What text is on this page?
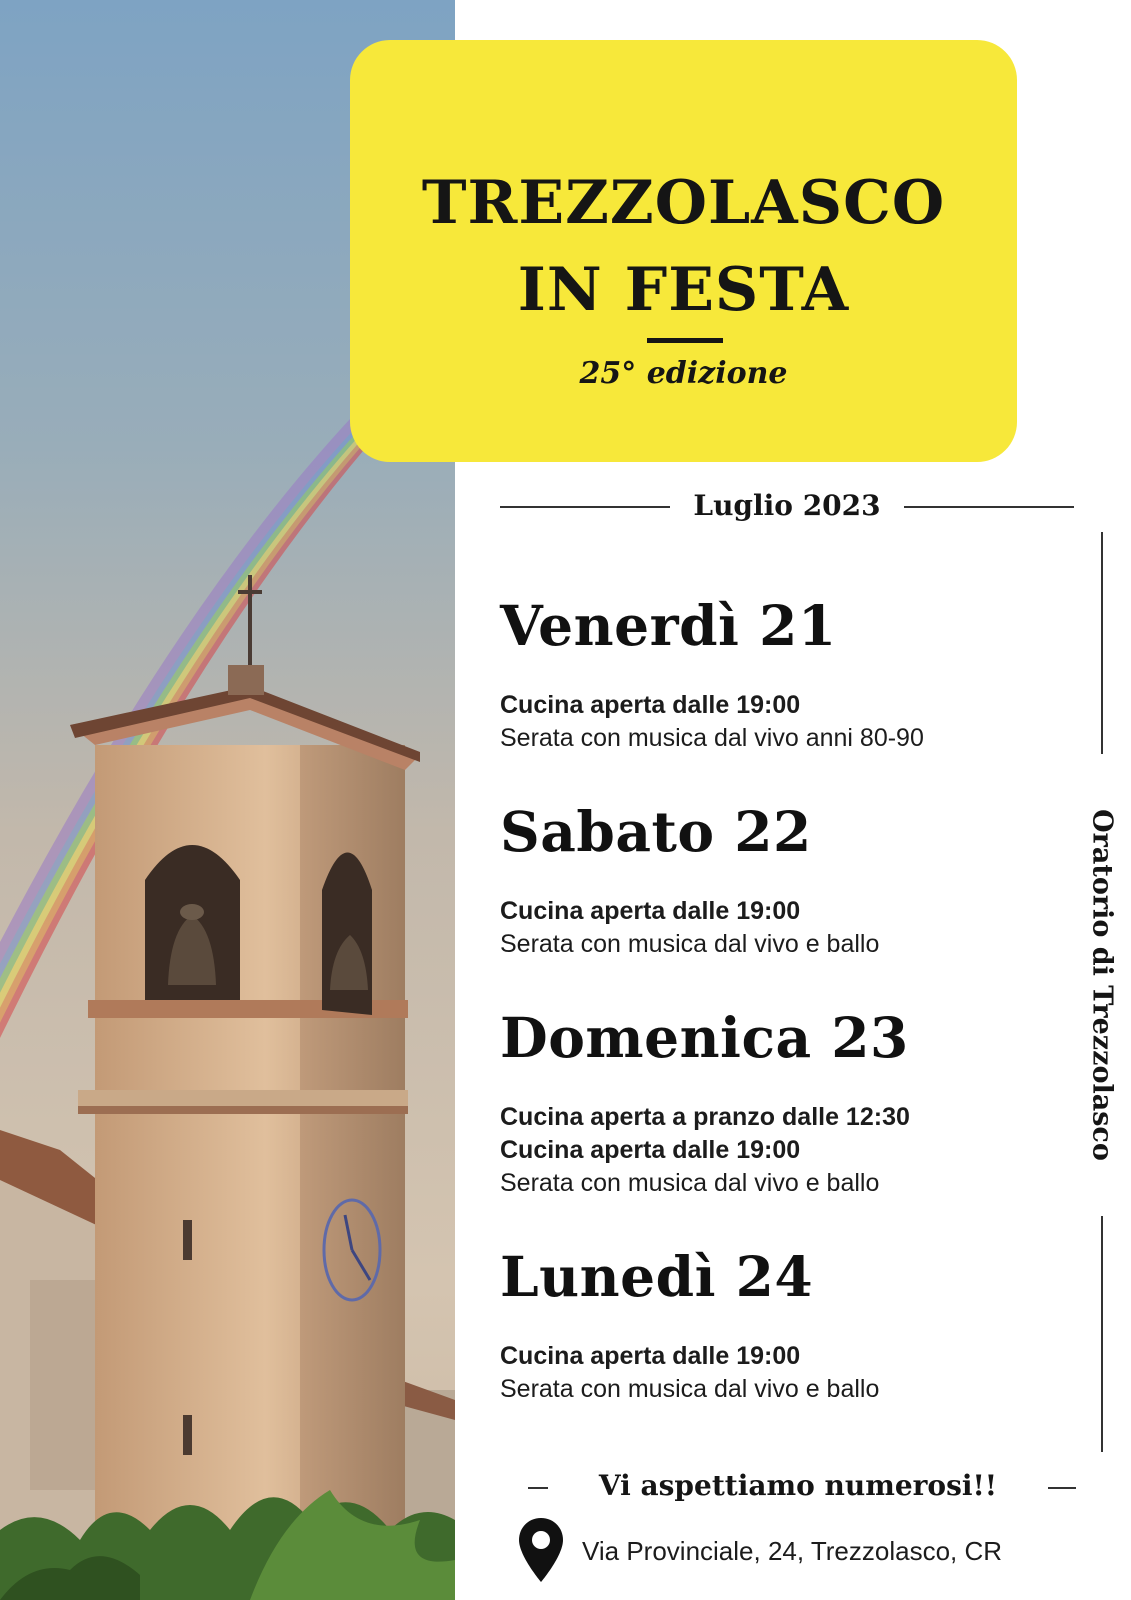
TREZZOLASCO
IN FESTA
25° edizione
Luglio 2023
Oratorio di Trezzolasco
Venerdì 21
Cucina aperta dalle 19:00
Serata con musica dal vivo anni 80-90
Sabato 22
Cucina aperta dalle 19:00
Serata con musica dal vivo e ballo
Domenica 23
Cucina aperta a pranzo dalle 12:30
Cucina aperta dalle 19:00
Serata con musica dal vivo e ballo
Lunedì 24
Cucina aperta dalle 19:00
Serata con musica dal vivo e ballo
Vi aspettiamo numerosi!!
Via Provinciale, 24, Trezzolasco, CR
